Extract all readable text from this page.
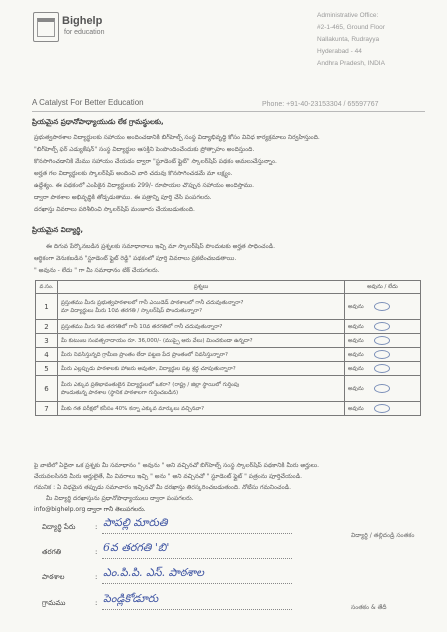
Bighelp
for education
A Catalyst For Better Education
Administrative Office:
#2-1-465, Ground Floor
Nallakunta, Rudrayya
Hyderabad - 44
Andhra Pradesh, INDIA
Phone: +91-40-23153304 / 65597767
ప్రియమైన ప్రధానోపాధ్యాయుడు లేక గ్రామస్థులకు,
ప్రభుత్వపాఠశాల విద్యార్థులకు సహాయం అందించడానికి బిగ్‌హెల్ప్ సంస్థ విద్యాభివృద్ధి కోసం వివిధ కార్యక్రమాలు నిర్వహిస్తుంది.
"బిగ్‌హెల్ప్ ఫర్ ఎడ్యుకేషన్" సంస్థ విద్యార్థుల ఆసక్తిని పెంపొందించేందుకు ప్రోత్సాహం అందిస్తుంది.
కొనసాగించడానికి మేము సహాయం చేయడం ద్వారా "స్టూడెంట్ ఫ్లైట్" స్కాలర్‌షిప్ పథకం అమలుచేస్తున్నాం.
అర్హత గల విద్యార్థులకు స్కాలర్‌షిప్ అందించి వారి చదువు కొనసాగించడమే మా లక్ష్యం.
ఉద్దేశ్యం. ఈ పథకంలో ఎంపికైన విద్యార్థులకు 299/- రూపాయల చొప్పున సహాయం అందిస్తాము.
ద్వారా పాఠశాల అభివృద్ధికి తోడ్పడుతాము. ఈ పత్రాన్ని పూర్తి చేసి పంపగలరు.
దరఖాస్తు వివరాలు పరిశీలించి స్కాలర్‌షిప్ మంజూరు చేయబడుతుంది.
ప్రియమైన విద్యార్థి,
ఈ దిగువ పేర్కొనబడిన ప్రశ్నలకు సమాధానాలు ఇచ్చి మా స్కాలర్‌షిప్ పొందుటకు అర్హత సాధించండి.
ఆర్థికంగా వెనుకబడిన "స్టూడెంట్ ఫ్లైట్ రెడ్డి" పథకంలో పూర్తి వివరాలు ప్రకటించబడతాయి.
" అవును - లేదు " గా మీ సమాధానం టిక్ చేయగలరు.
వ.సం.	ప్రశ్నలు	అవును / లేదు
1	ప్రస్తుతము మీరు ప్రభుత్వపాఠశాలలో గానీ ఎయిడెడ్ పాఠశాలలో గానీ చదువుతున్నారా?
మా విద్యార్థులు మీరు 10వ తరగతి / స్కాలర్‌షిప్ పొందుతున్నారా?	అవును
2	ప్రస్తుతము మీరు 9వ తరగతిలో గానీ 10వ తరగతిలో గానీ చదువుతున్నారా?	అవును
3	మీ కుటుంబ సంవత్సరాదాయం రూ. 36,000/- (ముప్పై ఆరు వేలు) మించకుండా ఉన్నదా?	అవును
4	మీరు నివసిస్తున్నది గ్రామీణ ప్రాంతం లేదా పట్టణ పేద ప్రాంతంలో నివసిస్తున్నారా?	అవును
5	మీరు ఎల్లప్పుడు పాఠశాలకు హాజరు అవుతూ, విద్యార్థుల పట్ల శ్రద్ధ చూపుతున్నారా?	అవును
6	మీరు ఎక్కువ ప్రతిభావంతులైన విద్యార్థులలో ఒకరా? (రాష్ట్ర / జిల్లా స్థాయిలో గుర్తింపు
పొందుతున్న పాఠశాల (స్థానిక పాఠశాలగా గుర్తించబడిన)	అవును
7	మీకు గత పరీక్షలో కనీసం 40% కన్నా ఎక్కువ మార్కులు వచ్చినవా?	అవును
పై వాటిలో ఏదైనా ఒక ప్రశ్నకు మీ సమాధానం " అవును " అని వచ్చినచో బిగ్‌హెల్ప్ సంస్థ స్కాలర్‌షిప్ పథకానికి మీరు అర్హులు.
చేయవలసినది మీరు అర్హులైతే, మీ వివరాలు ఇచ్చి " అను " అని వచ్చినచో " స్టూడెంట్ ఫ్లైట్ " పత్రంను పూర్తిచేయండి.
గమనిక : ఏ విధమైన తప్పుడు సమాచారం ఇచ్చినచో మీ దరఖాస్తు తిరస్కరించబడుతుంది. నోటీసు గమనించండి.
మీ విద్యార్థి దరఖాస్తును ప్రధానోపాధ్యాయులు ద్వారా పంపగలరు.
info@bighelp.org ద్వారా గానీ తెలుపగలరు.
విద్యార్థి పేరు	: పాపల్లి మారుతి
తరగతి	: 6వ తరగతి 'బి'
పాఠశాల	: ఎం.పి.పి. ఎస్. పాఠశాల
గ్రామము	: పెండ్లికోడూరు
విద్యార్థి / తల్లిదండ్రి సంతకం
సంతకం & తేదీ
